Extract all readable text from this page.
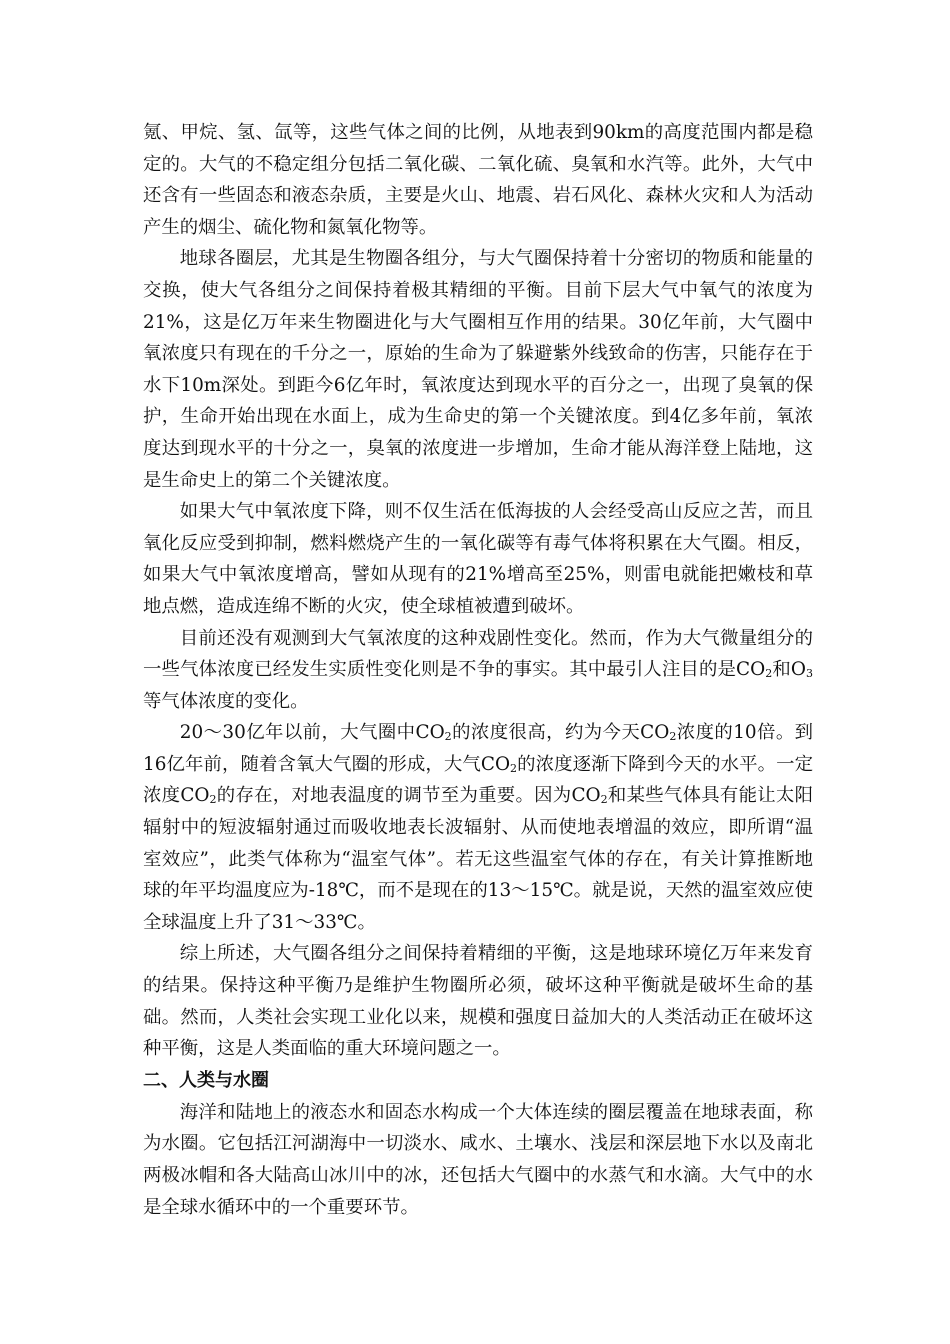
氪、甲烷、氢、氙等，这些气体之间的比例，从地表到90km的高度范围内都是稳定的。大气的不稳定组分包括二氧化碳、二氧化硫、臭氧和水汽等。此外，大气中还含有一些固态和液态杂质，主要是火山、地震、岩石风化、森林火灾和人为活动产生的烟尘、硫化物和氮氧化物等。

地球各圈层，尤其是生物圈各组分，与大气圈保持着十分密切的物质和能量的交换，使大气各组分之间保持着极其精细的平衡。目前下层大气中氧气的浓度为21%，这是亿万年来生物圈进化与大气圈相互作用的结果。30亿年前，大气圈中氧浓度只有现在的千分之一，原始的生命为了躲避紫外线致命的伤害，只能存在于水下10m深处。到距今6亿年时，氧浓度达到现水平的百分之一，出现了臭氧的保护，生命开始出现在水面上，成为生命史的第一个关键浓度。到4亿多年前，氧浓度达到现水平的十分之一，臭氧的浓度进一步增加，生命才能从海洋登上陆地，这是生命史上的第二个关键浓度。

如果大气中氧浓度下降，则不仅生活在低海拔的人会经受高山反应之苦，而且氧化反应受到抑制，燃料燃烧产生的一氧化碳等有毒气体将积累在大气圈。相反，如果大气中氧浓度增高，譬如从现有的21%增高至25%，则雷电就能把嫩枝和草地点燃，造成连绵不断的火灾，使全球植被遭到破坏。

目前还没有观测到大气氧浓度的这种戏剧性变化。然而，作为大气微量组分的一些气体浓度已经发生实质性变化则是不争的事实。其中最引人注目的是$CO_2$和$O_3$等气体浓度的变化。

20～30亿年以前，大气圈中$CO_2$的浓度很高，约为今天$CO_2$浓度的10倍。到16亿年前，随着含氧大气圈的形成，大气$CO_2$的浓度逐渐下降到今天的水平。一定浓度$CO_2$的存在，对地表温度的调节至为重要。因为$CO_2$和某些气体具有能让太阳辐射中的短波辐射通过而吸收地表长波辐射、从而使地表增温的效应，即所谓“温室效应”，此类气体称为“温室气体”。若无这些温室气体的存在，有关计算推断地球的年平均温度应为-18℃，而不是现在的13～15℃。就是说，天然的温室效应使全球温度上升了31～33℃。

综上所述，大气圈各组分之间保持着精细的平衡，这是地球环境亿万年来发育的结果。保持这种平衡乃是维护生物圈所必须，破坏这种平衡就是破坏生命的基础。然而，人类社会实现工业化以来，规模和强度日益加大的人类活动正在破坏这种平衡，这是人类面临的重大环境问题之一。

二、人类与水圈

海洋和陆地上的液态水和固态水构成一个大体连续的圈层覆盖在地球表面，称为水圈。它包括江河湖海中一切淡水、咸水、土壤水、浅层和深层地下水以及南北两极冰帽和各大陆高山冰川中的冰，还包括大气圈中的水蒸气和水滴。大气中的水是全球水循环中的一个重要环节。
